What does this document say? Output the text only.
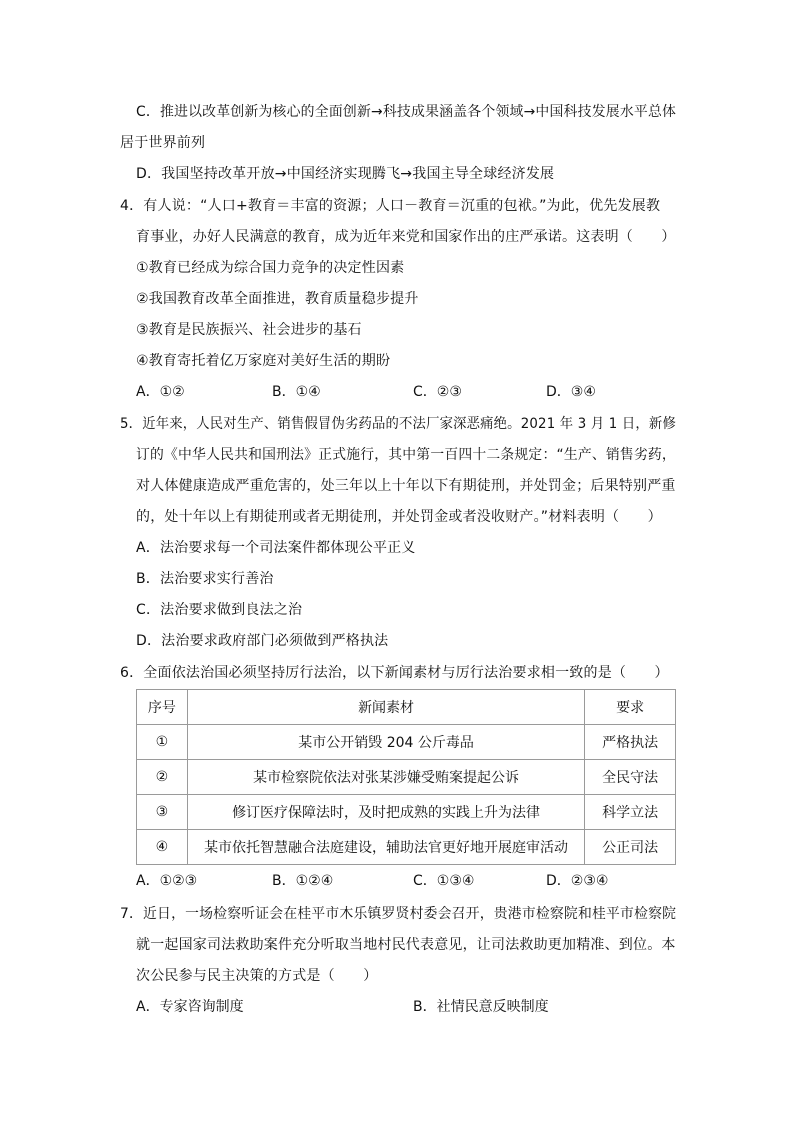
C．推进以改革创新为核心的全面创新→科技成果涵盖各个领域→中国科技发展水平总体
居于世界前列
D．我国坚持改革开放→中国经济实现腾飞→我国主导全球经济发展
4．有人说：“人口+教育＝丰富的资源；人口－教育＝沉重的包袱。”为此，优先发展教
育事业，办好人民满意的教育，成为近年来党和国家作出的庄严承诺。这表明（　　）
①教育已经成为综合国力竞争的决定性因素
②我国教育改革全面推进，教育质量稳步提升
③教育是民族振兴、社会进步的基石
④教育寄托着亿万家庭对美好生活的期盼
A．①②	B．①④	C．②③	D．③④
5．近年来，人民对生产、销售假冒伪劣药品的不法厂家深恶痛绝。2021 年 3 月 1 日，新修
订的《中华人民共和国刑法》正式施行，其中第一百四十二条规定：“生产、销售劣药，
对人体健康造成严重危害的，处三年以上十年以下有期徒刑，并处罚金；后果特别严重
的，处十年以上有期徒刑或者无期徒刑，并处罚金或者没收财产。”材料表明（　　）
A．法治要求每一个司法案件都体现公平正义
B．法治要求实行善治
C．法治要求做到良法之治
D．法治要求政府部门必须做到严格执法
6．全面依法治国必须坚持厉行法治，以下新闻素材与厉行法治要求相一致的是（　　）
序号	新闻素材	要求
①	某市公开销毁 204 公斤毒品	严格执法
②	某市检察院依法对张某涉嫌受贿案提起公诉	全民守法
③	修订医疗保障法时，及时把成熟的实践上升为法律	科学立法
④	某市依托智慧融合法庭建设，辅助法官更好地开展庭审活动	公正司法
A．①②③	B．①②④	C．①③④	D．②③④
7．近日，一场检察听证会在桂平市木乐镇罗贤村委会召开，贵港市检察院和桂平市检察院
就一起国家司法救助案件充分听取当地村民代表意见，让司法救助更加精准、到位。本
次公民参与民主决策的方式是（　　）
A．专家咨询制度	B．社情民意反映制度
